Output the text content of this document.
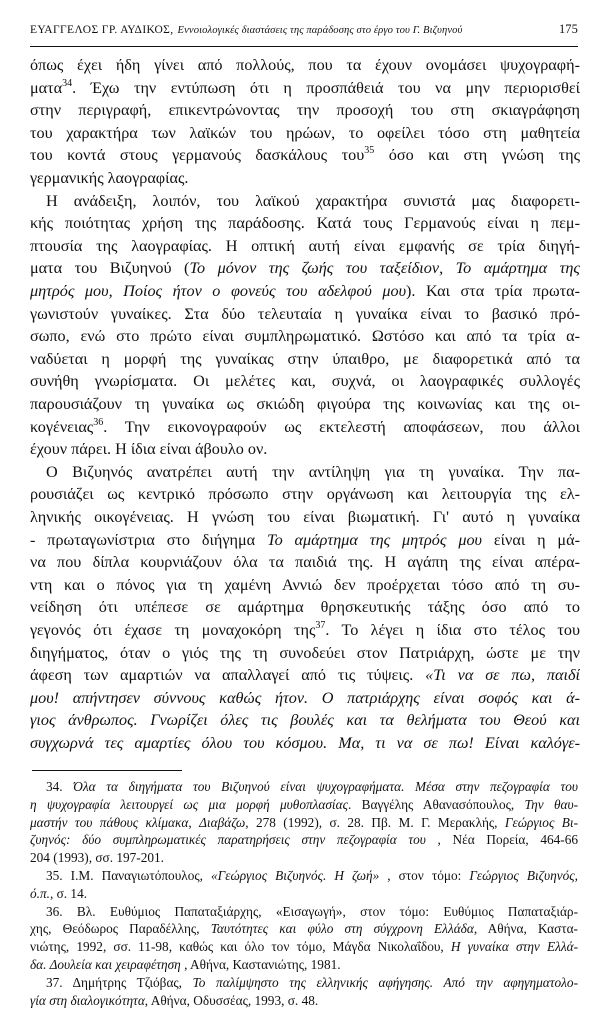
ΕΥΑΓΓΕΛΟΣ ΓΡ. ΑΥΔΙΚΟΣ, Εννοιολογικές διαστάσεις της παράδοσης στο έργο του Γ. Βιζυηνού	175
όπως έχει ήδη γίνει από πολλούς, που τα έχουν ονομάσει ψυχογραφή-
ματα$^{34}$. Έχω την εντύπωση ότι η προσπάθειά του να μην περιορισθεί
στην περιγραφή, επικεντρώνοντας την προσοχή του στη σκιαγράφηση
του χαρακτήρα των λαϊκών του ηρώων, το οφείλει τόσο στη μαθητεία
του κοντά στους γερμανούς δασκάλους του$^{35}$ όσο και στη γνώση της
γερμανικής λαογραφίας.
Η ανάδειξη, λοιπόν, του λαϊκού χαρακτήρα συνιστά μας διαφορετι-
κής ποιότητας χρήση της παράδοσης. Κατά τους Γερμανούς είναι η πεμ-
πτουσία της λαογραφίας. Η οπτική αυτή είναι εμφανής σε τρία διηγή-
ματα του Βιζυηνού (Το μόνον της ζωής του ταξείδιον, Το αμάρτημα της
μητρός μου, Ποίος ήτον ο φονεύς του αδελφού μου). Και στα τρία πρωτα-
γωνιστούν γυναίκες. Στα δύο τελευταία η γυναίκα είναι το βασικό πρό-
σωπο, ενώ στο πρώτο είναι συμπληρωματικό. Ωστόσο και από τα τρία α-
ναδύεται η μορφή της γυναίκας στην ύπαιθρο, με διαφορετικά από τα
συνήθη γνωρίσματα. Οι μελέτες και, συχνά, οι λαογραφικές συλλογές
παρουσιάζουν τη γυναίκα ως σκιώδη φιγούρα της κοινωνίας και της οι-
κογένειας$^{36}$. Την εικονογραφούν ως εκτελεστή αποφάσεων, που άλλοι
έχουν πάρει. Η ίδια είναι άβουλο ον.
Ο Βιζυηνός ανατρέπει αυτή την αντίληψη για τη γυναίκα. Την πα-
ρουσιάζει ως κεντρικό πρόσωπο στην οργάνωση και λειτουργία της ελ-
ληνικής οικογένειας. Η γνώση του είναι βιωματική. Γι' αυτό η γυναίκα
- πρωταγωνίστρια στο διήγημα Το αμάρτημα της μητρός μου είναι η μά-
να που δίπλα κουρνιάζουν όλα τα παιδιά της. Η αγάπη της είναι απέρα-
ντη και ο πόνος για τη χαμένη Αννιώ δεν προέρχεται τόσο από τη συ-
νείδηση ότι υπέπεσε σε αμάρτημα θρησκευτικής τάξης όσο από το
γεγονός ότι έχασε τη μοναχοκόρη της$^{37}$. Το λέγει η ίδια στο τέλος του
διηγήματος, όταν ο γιός της τη συνοδεύει στον Πατριάρχη, ώστε με την
άφεση των αμαρτιών να απαλλαγεί από τις τύψεις. «Τι να σε πω, παιδί
μου! απήντησεν σύννους καθώς ήτον. Ο πατριάρχης είναι σοφός και ά-
γιος άνθρωπος. Γνωρίζει όλες τις βουλές και τα θελήματα του Θεού και
συγχωρνά τες αμαρτίες όλου του κόσμου. Μα, τι να σε πω! Είναι καλόγε-
34. Όλα τα διηγήματα του Βιζυηνού είναι ψυχογραφήματα. Μέσα στην πεζογραφία του
η ψυχογραφία λειτουργεί ως μια μορφή μυθοπλασίας. Βαγγέλης Αθανασόπουλος, Την θαυ-
μαστήν του πάθους κλίμακα, Διαβάζω, 278 (1992), σ. 28. Πβ. Μ. Γ. Μερακλής, Γεώργιος Βι-
ζυηνός: δύο συμπληρωματικές παρατηρήσεις στην πεζογραφία του , Νέα Πορεία, 464-66
204 (1993), σσ. 197-201.
35. Ι.Μ. Παναγιωτόπουλος, «Γεώργιος Βιζυηνός. Η ζωή» , στον τόμο: Γεώργιος Βιζυηνός,
ό.π., σ. 14.
36. Βλ. Ευθύμιος Παπαταξιάρχης, «Εισαγωγή», στον τόμο: Ευθύμιος Παπαταξιάρ-
χης, Θεόδωρος Παραδέλλης, Ταυτότητες και φύλο στη σύγχρονη Ελλάδα, Αθήνα, Καστα-
νιώτης, 1992, σσ. 11-98, καθώς και όλο τον τόμο, Μάγδα Νικολαΐδου, Η γυναίκα στην Ελλά-
δα. Δουλεία και χειραφέτηση , Αθήνα, Καστανιώτης, 1981.
37. Δημήτρης Τζιόβας, Το παλίμψηστο της ελληνικής αφήγησης. Από την αφηγηματολο-
γία στη διαλογικότητα, Αθήνα, Οδυσσέας, 1993, σ. 48.
